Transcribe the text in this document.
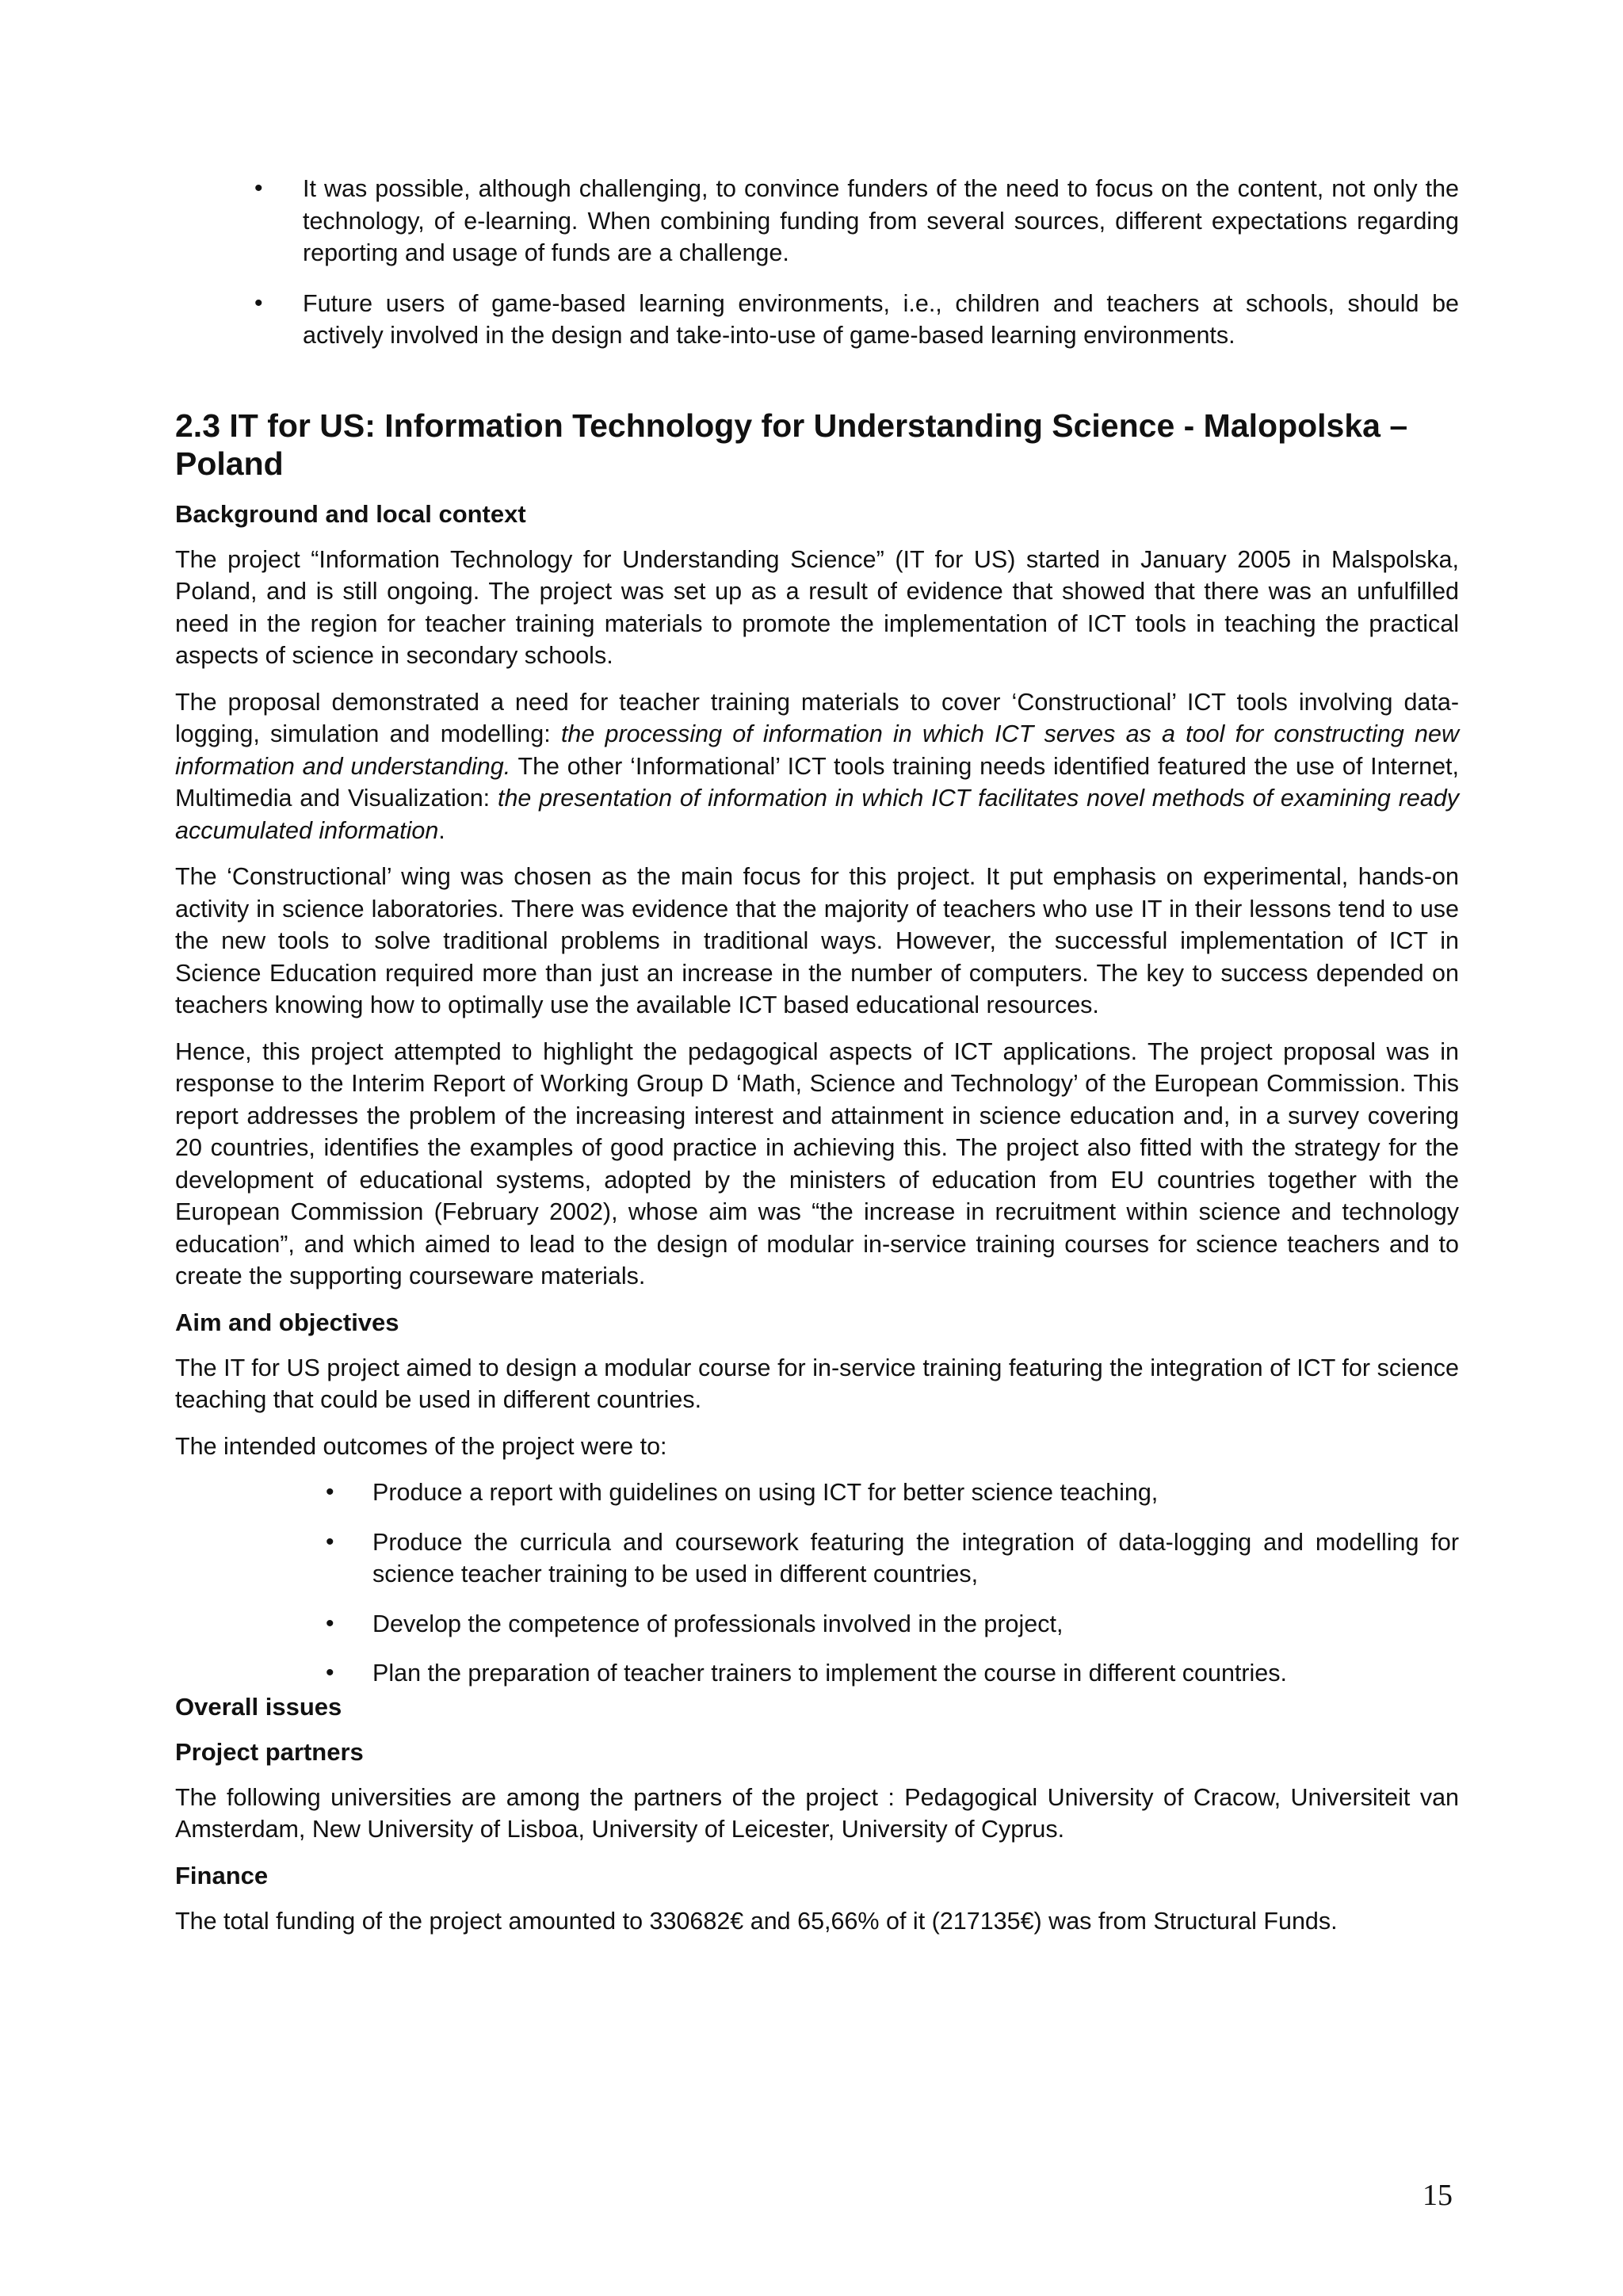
• It was possible, although challenging, to convince funders of the need to focus on the content, not only the technology, of e-learning. When combining funding from several sources, different expectations regarding reporting and usage of funds are a challenge.

• Future users of game-based learning environments, i.e., children and teachers at schools, should be actively involved in the design and take-into-use of game-based learning environments.

2.3 IT for US: Information Technology for Understanding Science - Malopolska – Poland
Background and local context

The project “Information Technology for Understanding Science” (IT for US) started in January 2005 in Malspolska, Poland, and is still ongoing. The project was set up as a result of evidence that showed that there was an unfulfilled need in the region for teacher training materials to promote the implementation of ICT tools in teaching the practical aspects of science in secondary schools.

The proposal demonstrated a need for teacher training materials to cover ‘Constructional’ ICT tools involving data-logging, simulation and modelling: the processing of information in which ICT serves as a tool for constructing new information and understanding. The other ‘Informational’ ICT tools training needs identified featured the use of Internet, Multimedia and Visualization: the presentation of information in which ICT facilitates novel methods of examining ready accumulated information.

The ‘Constructional’ wing was chosen as the main focus for this project. It put emphasis on experimental, hands-on activity in science laboratories. There was evidence that the majority of teachers who use IT in their lessons tend to use the new tools to solve traditional problems in traditional ways. However, the successful implementation of ICT in Science Education required more than just an increase in the number of computers. The key to success depended on teachers knowing how to optimally use the available ICT based educational resources.

Hence, this project attempted to highlight the pedagogical aspects of ICT applications. The project proposal was in response to the Interim Report of Working Group D ‘Math, Science and Technology’ of the European Commission. This report addresses the problem of the increasing interest and attainment in science education and, in a survey covering 20 countries, identifies the examples of good practice in achieving this. The project also fitted with the strategy for the development of educational systems, adopted by the ministers of education from EU countries together with the European Commission (February 2002), whose aim was “the increase in recruitment within science and technology education”, and which aimed to lead to the design of modular in-service training courses for science teachers and to create the supporting courseware materials.

Aim and objectives

The IT for US project aimed to design a modular course for in-service training featuring the integration of ICT for science teaching that could be used in different countries.

The intended outcomes of the project were to:

• Produce a report with guidelines on using ICT for better science teaching,

• Produce the curricula and coursework featuring the integration of data-logging and modelling for science teacher training to be used in different countries,

• Develop the competence of professionals involved in the project,

• Plan the preparation of teacher trainers to implement the course in different countries.

Overall issues
Project partners

The following universities are among the partners of the project : Pedagogical University of Cracow, Universiteit van Amsterdam, New University of Lisboa, University of Leicester, University of Cyprus.

Finance

The total funding of the project amounted to 330682€ and 65,66% of it (217135€) was from Structural Funds.

15
